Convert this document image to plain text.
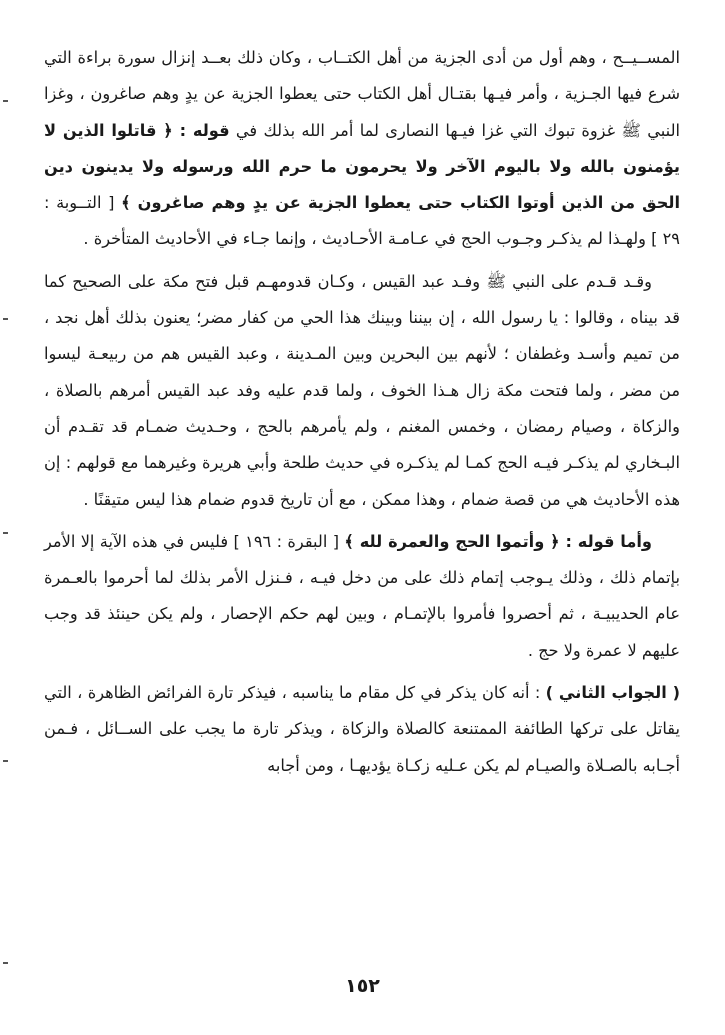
المســيــح ، وهم أول من أدى الجزية من أهل الكتــاب ، وكان ذلك بعــد إنزال سورة براءة التي شرع فيها الجـزية ، وأمر فيـها بقتـال أهل الكتاب حتى يعطوا الجزية عن يدٍ وهم صاغرون ، وغزا النبي ﷺ غزوة تبوك التي غزا فيـها النصارى لما أمر الله بذلك في قوله : ﴿ قاتلوا الذين لا يؤمنون بالله ولا باليوم الآخر ولا يحرمون ما حرم الله ورسوله ولا يدينون دين الحق من الذين أوتوا الكتاب حتى يعطوا الجزية عن يدٍ وهم صاغرون ﴾ [ التــوبة : ٢٩ ] ولهـذا لم يذكـر وجـوب الحج في عـامـة الأحـاديث ، وإنما جـاء في الأحاديث المتأخرة .

وقـد قـدم على النبي ﷺ وفـد عبد القيس ، وكـان قدومهـم قبل فتح مكة على الصحيح كما قد بيناه ، وقالوا : يا رسول الله ، إن بيننا وبينك هذا الحي من كفار مضر؛ يعنون بذلك أهل نجد ، من تميم وأسـد وغطفان ؛ لأنهم بين البحرين وبين المـدينة ، وعبد القيس هم من ربيعـة ليسوا من مضر ، ولما فتحت مكة زال هـذا الخوف ، ولما قدم عليه وفد عبد القيس أمرهم بالصلاة ، والزكاة ، وصيام رمضان ، وخمس المغنم ، ولم يأمرهم بالحج ، وحـديث ضمـام قد تقـدم أن البـخاري لم يذكـر فيـه الحج كمـا لم يذكـره في حديث طلحة وأبي هريرة وغيرهما مع قولهم : إن هذه الأحاديث هي من قصة ضمام ، وهذا ممكن ، مع أن تاريخ قدوم ضمام هذا ليس متيقنًا .

وأما قوله : ﴿ وأتموا الحج والعمرة لله ﴾ [ البقرة : ١٩٦ ] فليس في هذه الآية إلا الأمر بإتمام ذلك ، وذلك يـوجب إتمام ذلك على من دخل فيـه ، فـنزل الأمر بذلك لما أحرموا بالعـمرة عام الحديبيـة ، ثم أحصروا فأمروا بالإتمـام ، وبين لهم حكم الإحصار ، ولم يكن حينئذ قد وجب عليهم لا عمرة ولا حج .

( الجواب الثاني ) : أنه كان يذكر في كل مقام ما يناسبه ، فيذكر تارة الفرائض الظاهرة ، التي يقاتل على تركها الطائفة الممتنعة كالصلاة والزكاة ، ويذكر تارة ما يجب على الســائل ، فـمن أجـابه بالصـلاة والصيـام لم يكن عـليه زكـاة يؤديهـا ، ومن أجابه

١٥٢
